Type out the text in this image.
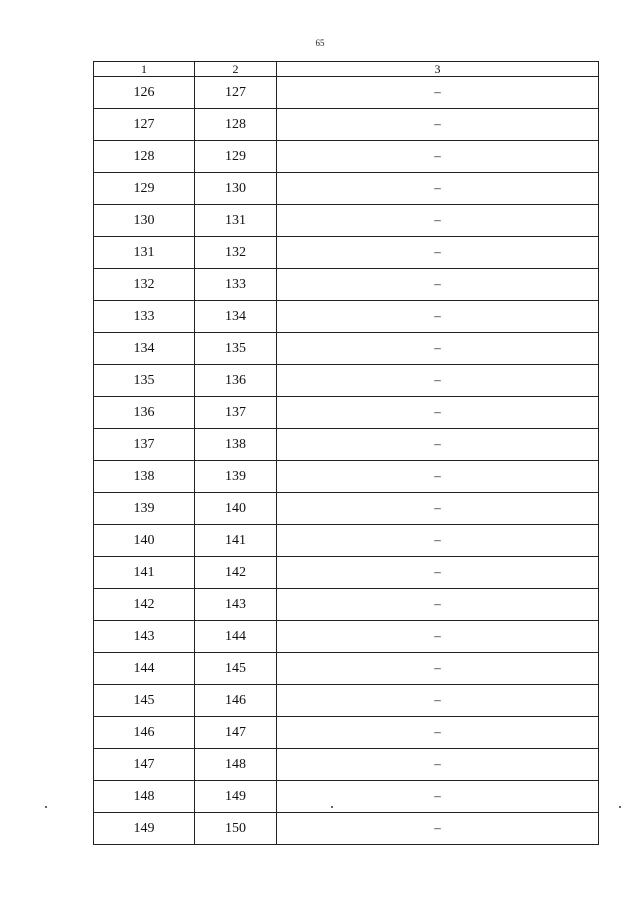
65
1	2	3
126	127	–
127	128	–
128	129	–
129	130	–
130	131	–
131	132	–
132	133	–
133	134	–
134	135	–
135	136	–
136	137	–
137	138	–
138	139	–
139	140	–
140	141	–
141	142	–
142	143	–
143	144	–
144	145	–
145	146	–
146	147	–
147	148	–
148	149	–
149	150	–
